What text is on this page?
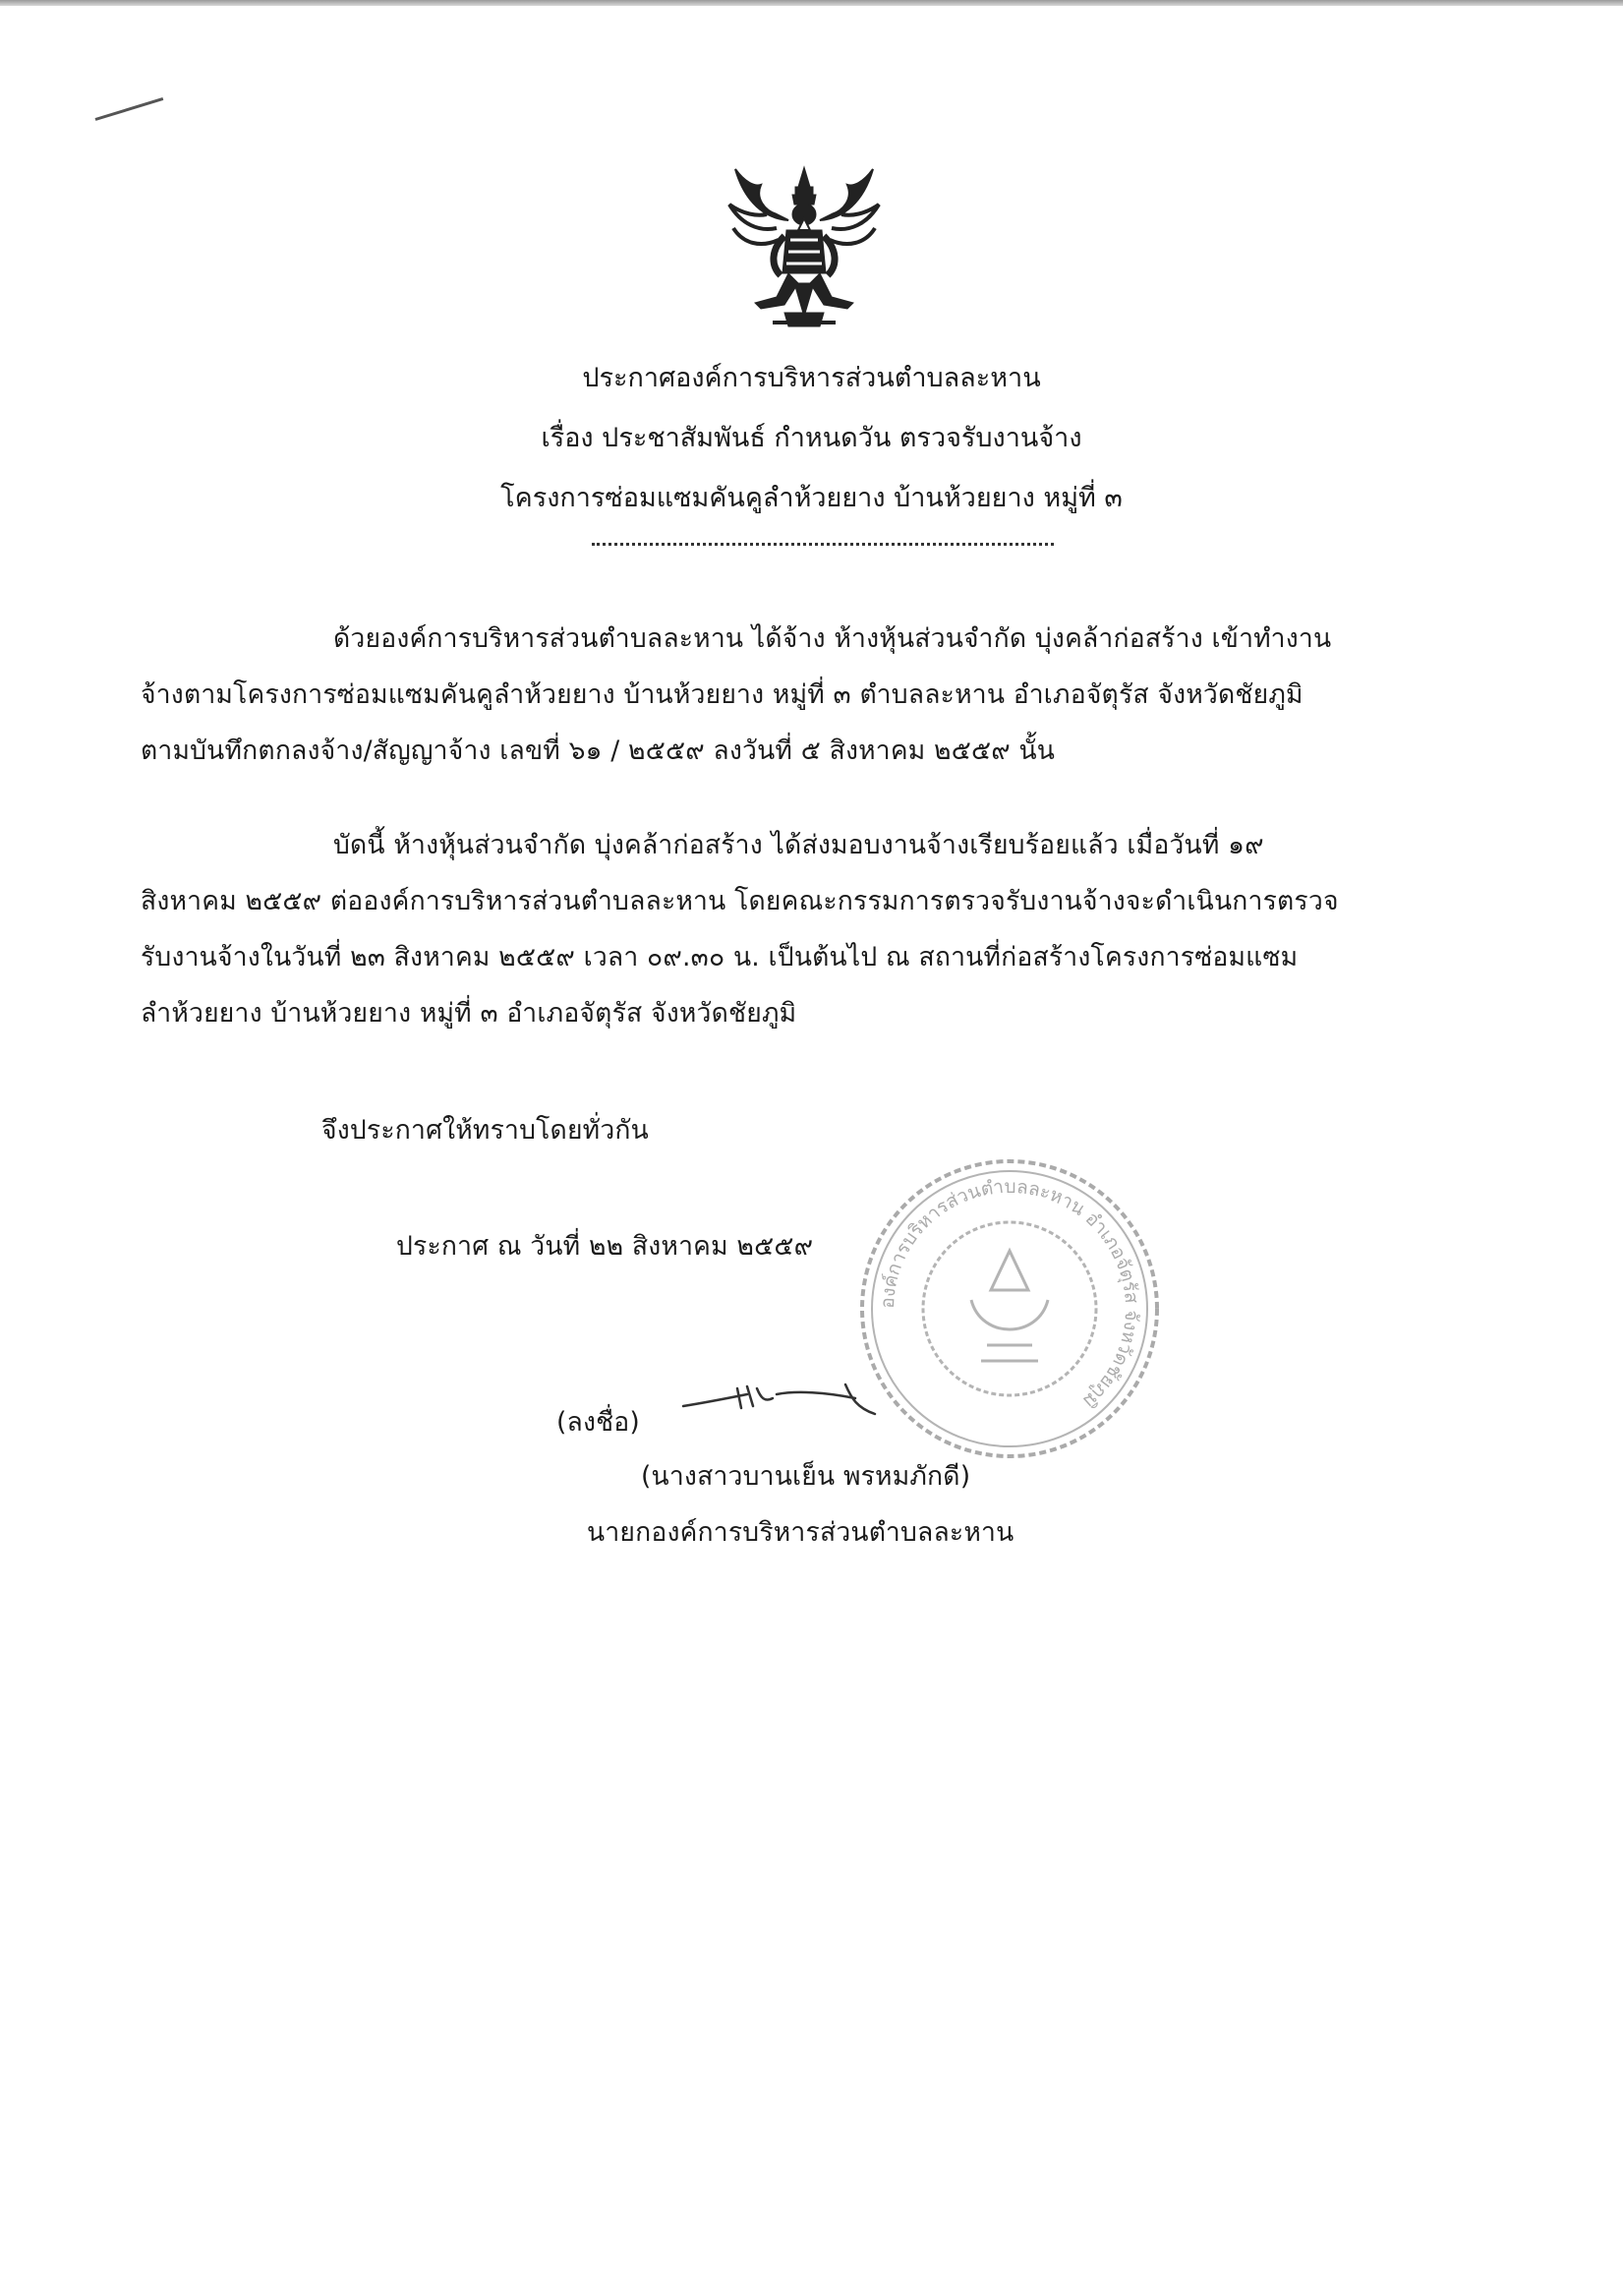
ประกาศองค์การบริหารส่วนตำบลละหาน
เรื่อง ประชาสัมพันธ์ กำหนดวัน ตรวจรับงานจ้าง
โครงการซ่อมแซมคันคูลำห้วยยาง บ้านห้วยยาง หมู่ที่ ๓
ด้วยองค์การบริหารส่วนตำบลละหาน ได้จ้าง ห้างหุ้นส่วนจำกัด บุ่งคล้าก่อสร้าง เข้าทำงาน
จ้างตามโครงการซ่อมแซมคันคูลำห้วยยาง บ้านห้วยยาง หมู่ที่ ๓ ตำบลละหาน อำเภอจัตุรัส จังหวัดชัยภูมิ
ตามบันทึกตกลงจ้าง/สัญญาจ้าง เลขที่ ๖๑ / ๒๕๕๙ ลงวันที่ ๕ สิงหาคม ๒๕๕๙ นั้น
บัดนี้ ห้างหุ้นส่วนจำกัด บุ่งคล้าก่อสร้าง ได้ส่งมอบงานจ้างเรียบร้อยแล้ว เมื่อวันที่ ๑๙
สิงหาคม ๒๕๕๙ ต่อองค์การบริหารส่วนตำบลละหาน โดยคณะกรรมการตรวจรับงานจ้างจะดำเนินการตรวจ
รับงานจ้างในวันที่ ๒๓ สิงหาคม ๒๕๕๙ เวลา ๐๙.๓๐ น. เป็นต้นไป ณ สถานที่ก่อสร้างโครงการซ่อมแซม
ลำห้วยยาง บ้านห้วยยาง หมู่ที่ ๓ อำเภอจัตุรัส จังหวัดชัยภูมิ
จึงประกาศให้ทราบโดยทั่วกัน
ประกาศ ณ วันที่ ๒๒ สิงหาคม ๒๕๕๙
องค์การบริหารส่วนตำบลละหาน อำเภอจัตุรัส จังหวัดชัยภูมิ
(ลงชื่อ)
(นางสาวบานเย็น พรหมภักดี)
นายกองค์การบริหารส่วนตำบลละหาน
